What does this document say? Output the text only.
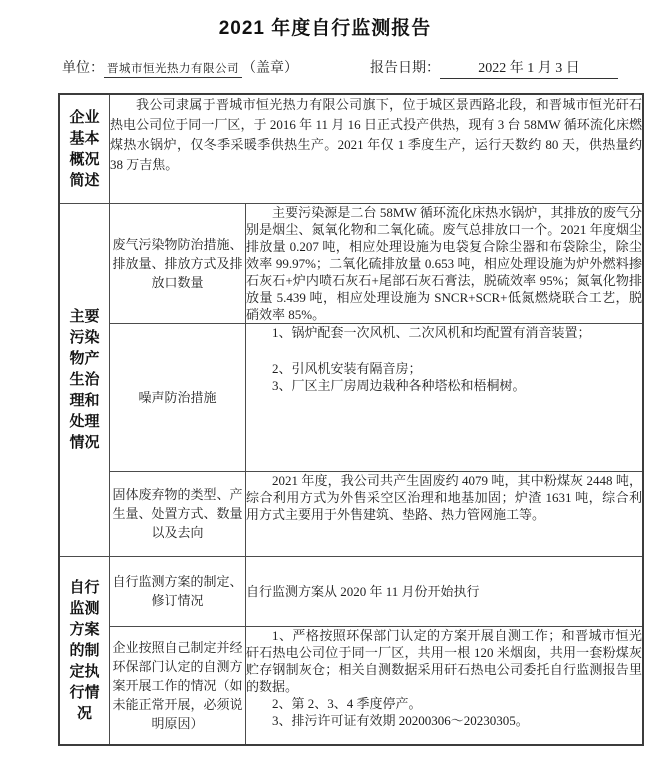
2021 年度自行监测报告
单位： 晋城市恒光热力有限公司 （盖章）	报告日期：	2022 年 1 月 3 日
企业基本概况简述	我公司隶属于晋城市恒光热力有限公司旗下，位于城区景西路北段，和晋城市恒光矸石热电公司位于同一厂区，于 2016 年 11 月 16 日正式投产供热，现有 3 台 58MW 循环流化床燃煤热水锅炉，仅冬季采暖季供热生产。2021 年仅 1 季度生产，运行天数约 80 天，供热量约 38 万吉焦。	

主要污染物产生治理和处理情况	废气污染物防治措施、排放量、排放方式及排放口数量	主要污染源是二台 58MW 循环流化床热水锅炉，其排放的废气分别是烟尘、氮氧化物和二氧化硫。废气总排放口一个。2021 年度烟尘排放量 0.207 吨，相应处理设施为电袋复合除尘器和布袋除尘，除尘效率 99.97%；二氧化硫排放量 0.653 吨，相应处理设施为炉外燃料掺石灰石+炉内喷石灰石+尾部石灰石膏法，脱硫效率 95%；氮氧化物排放量 5.439 吨，相应处理设施为 SNCR+SCR+低氮燃烧联合工艺，脱硝效率 85%。

	噪声防治措施	1、锅炉配套一次风机、二次风机和均配置有消音装置；
2、引风机安装有隔音房；
3、厂区主厂房周边栽种各种塔松和梧桐树。

	固体废弃物的类型、产生量、处置方式、数量以及去向	2021 年度，我公司共产生固废约 4079 吨，其中粉煤灰 2448 吨，综合利用方式为外售采空区治理和地基加固；炉渣 1631 吨，综合利用方式主要用于外售建筑、垫路、热力管网施工等。

自行监测方案的制定执行情况	自行监测方案的制定、修订情况	自行监测方案从 2020 年 11 月份开始执行
	企业按照自己制定并经环保部门认定的自测方案开展工作的情况（如未能正常开展，必须说明原因）	1、严格按照环保部门认定的方案开展自测工作；和晋城市恒光矸石热电公司位于同一厂区，共用一根 120 米烟囱，共用一套粉煤灰贮存钢制灰仓；相关自测数据采用矸石热电公司委托自行监测报告里的数据。
2、第 2、3、4 季度停产。
3、排污许可证有效期 20200306～20230305。
